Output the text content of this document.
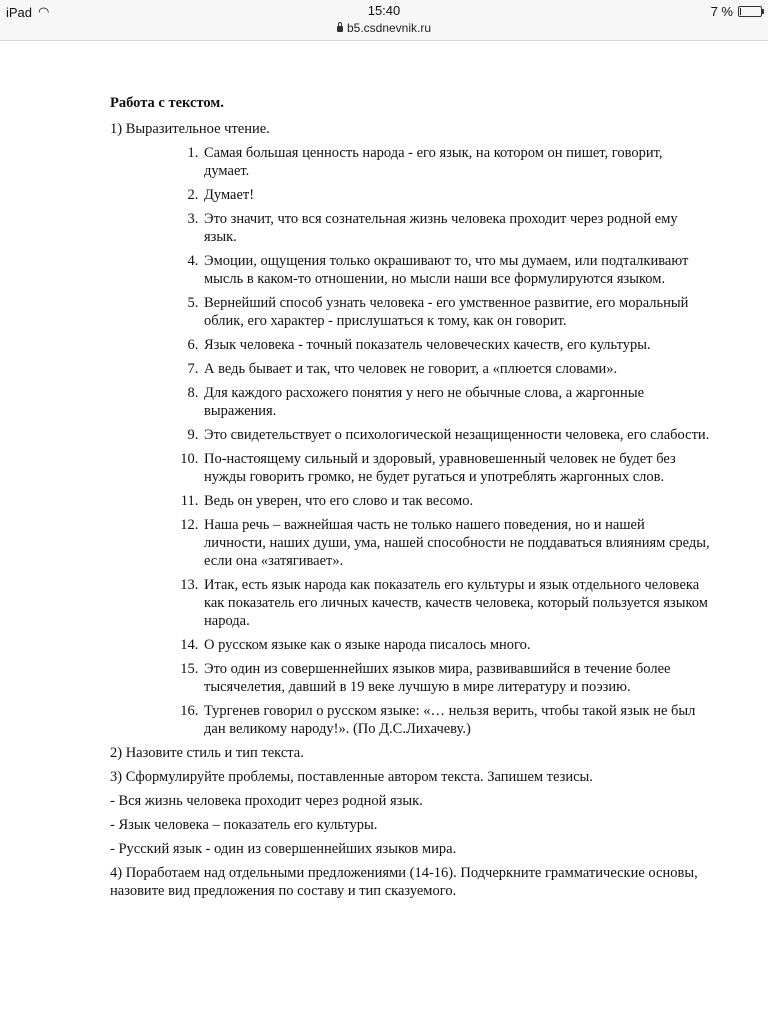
iPad ◠	15:40
b5.csdnevnik.ru
7 %
Работа с текстом.
1) Выразительное чтение.
1. Самая большая ценность народа - его язык, на котором он пишет, говорит, думает.
2. Думает!
3. Это значит, что вся сознательная жизнь человека проходит через родной ему язык.
4. Эмоции, ощущения только окрашивают то, что мы думаем, или подталкивают мысль в каком-то отношении, но мысли наши все формулируются языком.
5. Вернейший способ узнать человека - его умственное развитие, его моральный облик, его характер - прислушаться к тому, как он говорит.
6. Язык человека - точный показатель человеческих качеств, его культуры.
7. А ведь бывает и так, что человек не говорит, а «плюется словами».
8. Для каждого расхожего понятия у него не обычные слова, а жаргонные выражения.
9. Это свидетельствует о психологической незащищенности человека, его слабости.
10. По-настоящему сильный и здоровый, уравновешенный человек не будет без нужды говорить громко, не будет ругаться и употреблять жаргонных слов.
11. Ведь он уверен, что его слово и так весомо.
12. Наша речь – важнейшая часть не только нашего поведения, но и нашей личности, наших души, ума, нашей способности не поддаваться влияниям среды, если она «затягивает».
13. Итак, есть язык народа как показатель его культуры и язык отдельного человека как показатель его личных качеств, качеств человека, который пользуется языком народа.
14. О русском языке как о языке народа писалось много.
15. Это один из совершеннейших языков мира, развивавшийся в течение более тысячелетия, давший в 19 веке лучшую в мире литературу и поэзию.
16. Тургенев говорил о русском языке: «… нельзя верить, чтобы такой язык не был дан великому народу!». (По Д.С.Лихачеву.)
2) Назовите стиль и тип текста.
3) Сформулируйте проблемы, поставленные автором текста. Запишем тезисы.
- Вся жизнь человека проходит через родной язык.
- Язык человека – показатель его культуры.
- Русский язык - один из совершеннейших языков мира.
4) Поработаем над отдельными предложениями (14-16). Подчеркните грамматические основы, назовите вид предложения по составу и тип сказуемого.
